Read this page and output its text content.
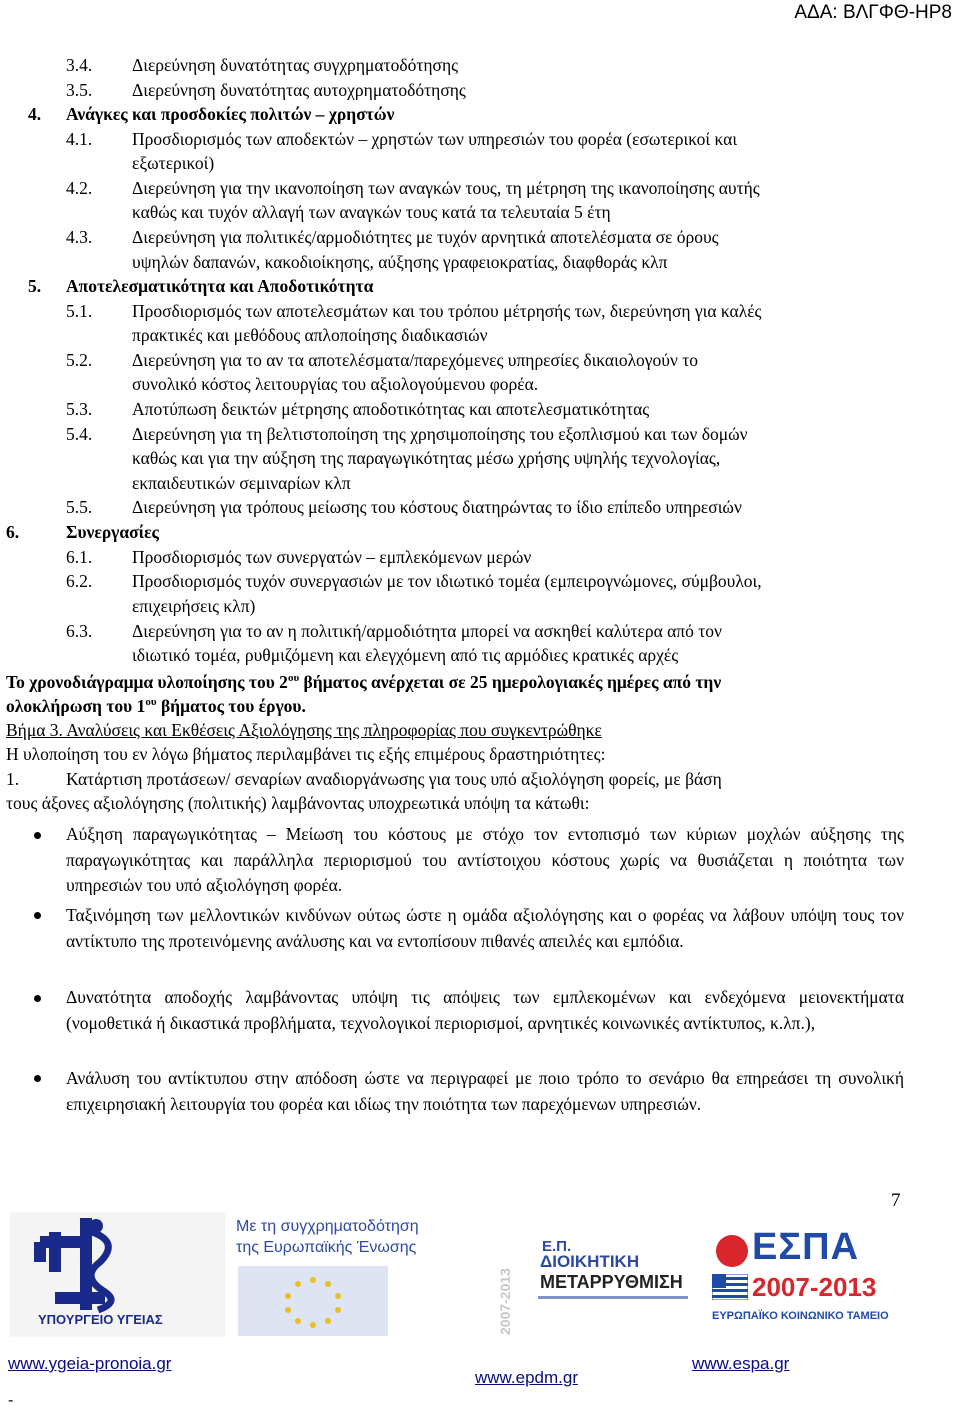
ΑΔΑ: ΒΛΓΦΘ-ΗΡ8
3.4. Διερεύνηση δυνατότητας συγχρηματοδότησης
3.5. Διερεύνηση δυνατότητας αυτοχρηματοδότησης
4. Ανάγκες και προσδοκίες πολιτών – χρηστών
4.1. Προσδιορισμός των αποδεκτών – χρηστών των υπηρεσιών του φορέα (εσωτερικοί και
εξωτερικοί)
4.2. Διερεύνηση για την ικανοποίηση των αναγκών τους, τη μέτρηση της ικανοποίησης αυτής
καθώς και τυχόν αλλαγή των αναγκών τους κατά τα τελευταία 5 έτη
4.3. Διερεύνηση για πολιτικές/αρμοδιότητες με τυχόν αρνητικά αποτελέσματα σε όρους
υψηλών δαπανών, κακοδιοίκησης, αύξησης γραφειοκρατίας, διαφθοράς κλπ
5. Αποτελεσματικότητα και Αποδοτικότητα
5.1. Προσδιορισμός των αποτελεσμάτων και του τρόπου μέτρησής των, διερεύνηση για καλές
πρακτικές και μεθόδους απλοποίησης διαδικασιών
5.2. Διερεύνηση για το αν τα αποτελέσματα/παρεχόμενες υπηρεσίες δικαιολογούν το
συνολικό κόστος λειτουργίας του αξιολογούμενου φορέα.
5.3. Αποτύπωση δεικτών μέτρησης αποδοτικότητας και αποτελεσματικότητας
5.4. Διερεύνηση για τη βελτιστοποίηση της χρησιμοποίησης του εξοπλισμού και των δομών
καθώς και για την αύξηση της παραγωγικότητας μέσω χρήσης υψηλής τεχνολογίας,
εκπαιδευτικών σεμιναρίων κλπ
5.5. Διερεύνηση για τρόπους μείωσης του κόστους διατηρώντας το ίδιο επίπεδο υπηρεσιών
6.	Συνεργασίες
6.1. Προσδιορισμός των συνεργατών – εμπλεκόμενων μερών
6.2. Προσδιορισμός τυχόν συνεργασιών με τον ιδιωτικό τομέα (εμπειρογνώμονες, σύμβουλοι,
επιχειρήσεις κλπ)
6.3. Διερεύνηση για το αν η πολιτική/αρμοδιότητα μπορεί να ασκηθεί καλύτερα από τον
ιδιωτικό τομέα, ρυθμιζόμενη και ελεγχόμενη από τις αρμόδιες κρατικές αρχές
Το χρονοδιάγραμμα υλοποίησης του $2^{o\upsilon}$ βήματος ανέρχεται σε 25 ημερολογιακές ημέρες από την
ολοκλήρωση του $1^{o\upsilon}$ βήματος του έργου.
Βήμα 3. Αναλύσεις και Εκθέσεις Αξιολόγησης της πληροφορίας που συγκεντρώθηκε
Η υλοποίηση του εν λόγω βήματος περιλαμβάνει τις εξής επιμέρους δραστηριότητες:
1.	Κατάρτιση προτάσεων/ σεναρίων αναδιοργάνωσης για τους υπό αξιολόγηση φορείς, με βάση
τους άξονες αξιολόγησης (πολιτικής) λαμβάνοντας υποχρεωτικά υπόψη τα κάτωθι:
Αύξηση παραγωγικότητας – Μείωση του κόστους με στόχο τον εντοπισμό των κύριων μοχλών αύξησης της παραγωγικότητας και παράλληλα περιορισμού του αντίστοιχου κόστους χωρίς να θυσιάζεται η ποιότητα των υπηρεσιών του υπό αξιολόγηση φορέα.
Ταξινόμηση των μελλοντικών κινδύνων ούτως ώστε η ομάδα αξιολόγησης και ο φορέας να λάβουν υπόψη τους τον αντίκτυπο της προτεινόμενης ανάλυσης και να εντοπίσουν πιθανές απειλές και εμπόδια.
Δυνατότητα αποδοχής λαμβάνοντας υπόψη τις απόψεις των εμπλεκομένων και ενδεχόμενα μειονεκτήματα (νομοθετικά ή δικαστικά προβλήματα, τεχνολογικοί περιορισμοί, αρνητικές κοινωνικές αντίκτυπος, κ.λπ.),
Ανάλυση του αντίκτυπου στην απόδοση ώστε να περιγραφεί με ποιο τρόπο το σενάριο θα επηρεάσει τη συνολική επιχειρησιακή λειτουργία του φορέα και ιδίως την ποιότητα των παρεχόμενων υπηρεσιών.
7
ΥΠΟΥΡΓΕΙΟ ΥΓΕΙΑΣ
Με τη συγχρηματοδότηση
της Ευρωπαϊκής Ένωσης
2007-2013
Ε.Π.
ΔΙΟΙΚΗΤΙΚΗ
ΜΕΤΑΡΡΥΘΜΙΣΗ
ΕΣΠΑ
2007-2013
ΕΥΡΩΠΑΪΚΟ ΚΟΙΝΩΝΙΚΟ ΤΑΜΕΙΟ
www.ygeia-pronoia.gr
www.epdm.gr
www.espa.gr
-
